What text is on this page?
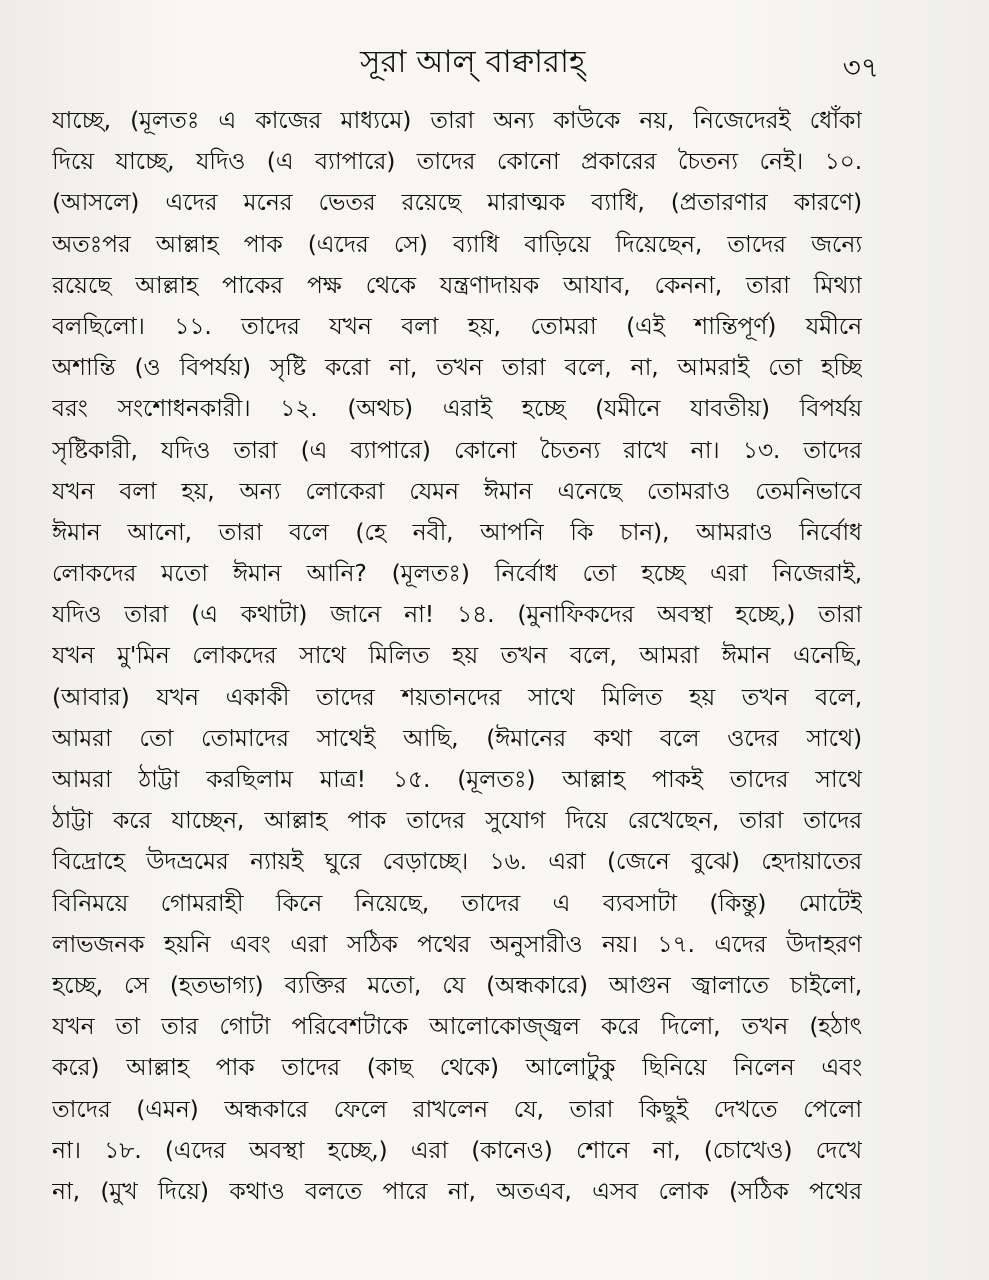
সূরা আল্ বাক্বারাহ্	৩৭
যাচ্ছে, (মূলতঃ এ কাজের মাধ্যমে) তারা অন্য কাউকে নয়, নিজেদেরই ধোঁকা
দিয়ে যাচ্ছে, যদিও (এ ব্যাপারে) তাদের কোনো প্রকারের চৈতন্য নেই। ১০.
(আসলে) এদের মনের ভেতর রয়েছে মারাত্মক ব্যাধি, (প্রতারণার কারণে)
অতঃপর আল্লাহ পাক (এদের সে) ব্যাধি বাড়িয়ে দিয়েছেন, তাদের জন্যে
রয়েছে আল্লাহ পাকের পক্ষ থেকে যন্ত্রণাদায়ক আযাব, কেননা, তারা মিথ্যা
বলছিলো। ১১. তাদের যখন বলা হয়, তোমরা (এই শান্তিপূর্ণ) যমীনে
অশান্তি (ও বিপর্যয়) সৃষ্টি করো না, তখন তারা বলে, না, আমরাই তো হচ্ছি
বরং সংশোধনকারী। ১২. (অথচ) এরাই হচ্ছে (যমীনে যাবতীয়) বিপর্যয়
সৃষ্টিকারী, যদিও তারা (এ ব্যাপারে) কোনো চৈতন্য রাখে না। ১৩. তাদের
যখন বলা হয়, অন্য লোকেরা যেমন ঈমান এনেছে তোমরাও তেমনিভাবে
ঈমান আনো, তারা বলে (হে নবী, আপনি কি চান), আমরাও নির্বোধ
লোকদের মতো ঈমান আনি? (মূলতঃ) নির্বোধ তো হচ্ছে এরা নিজেরাই,
যদিও তারা (এ কথাটা) জানে না! ১৪. (মুনাফিকদের অবস্থা হচ্ছে,) তারা
যখন মু'মিন লোকদের সাথে মিলিত হয় তখন বলে, আমরা ঈমান এনেছি,
(আবার) যখন একাকী তাদের শয়তানদের সাথে মিলিত হয় তখন বলে,
আমরা তো তোমাদের সাথেই আছি, (ঈমানের কথা বলে ওদের সাথে)
আমরা ঠাট্টা করছিলাম মাত্র! ১৫. (মূলতঃ) আল্লাহ পাকই তাদের সাথে
ঠাট্টা করে যাচ্ছেন, আল্লাহ পাক তাদের সুযোগ দিয়ে রেখেছেন, তারা তাদের
বিদ্রোহে উদভ্রমের ন্যায়ই ঘুরে বেড়াচ্ছে। ১৬. এরা (জেনে বুঝে) হেদায়াতের
বিনিময়ে গোমরাহী কিনে নিয়েছে, তাদের এ ব্যবসাটা (কিন্তু) মোটেই
লাভজনক হয়নি এবং এরা সঠিক পথের অনুসারীও নয়। ১৭. এদের উদাহরণ
হচ্ছে, সে (হতভাগ্য) ব্যক্তির মতো, যে (অন্ধকারে) আগুন জ্বালাতে চাইলো,
যখন তা তার গোটা পরিবেশটাকে আলোকোজ্জ্বল করে দিলো, তখন (হঠাৎ
করে) আল্লাহ পাক তাদের (কাছ থেকে) আলোটুকু ছিনিয়ে নিলেন এবং
তাদের (এমন) অন্ধকারে ফেলে রাখলেন যে, তারা কিছুই দেখতে পেলো
না। ১৮. (এদের অবস্থা হচ্ছে,) এরা (কানেও) শোনে না, (চোখেও) দেখে
না, (মুখ দিয়ে) কথাও বলতে পারে না, অতএব, এসব লোক (সঠিক পথের
